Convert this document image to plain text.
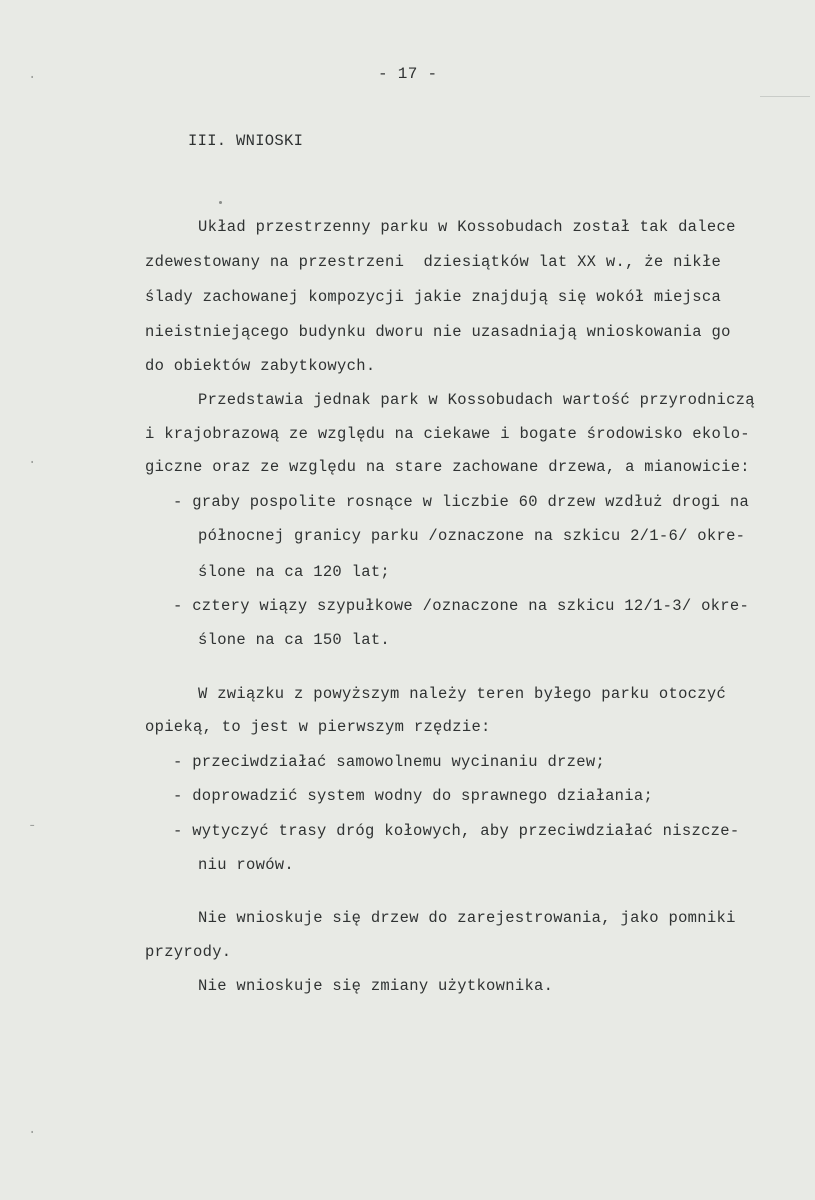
·
·
-
·
- 17 -
III. WNIOSKI
Układ przestrzenny parku w Kossobudach został tak dalece
zdewestowany na przestrzeni  dziesiątków lat XX w., że nikłe
ślady zachowanej kompozycji jakie znajdują się wokół miejsca
nieistniejącego budynku dworu nie uzasadniają wnioskowania go
do obiektów zabytkowych.
Przedstawia jednak park w Kossobudach wartość przyrodniczą
i krajobrazową ze względu na ciekawe i bogate środowisko ekolo-
giczne oraz ze względu na stare zachowane drzewa, a mianowicie:
- graby pospolite rosnące w liczbie 60 drzew wzdłuż drogi na
północnej granicy parku /oznaczone na szkicu 2/1-6/ okre-
ślone na ca 120 lat;
- cztery wiązy szypułkowe /oznaczone na szkicu 12/1-3/ okre-
ślone na ca 150 lat.
W związku z powyższym należy teren byłego parku otoczyć
opieką, to jest w pierwszym rzędzie:
- przeciwdziałać samowolnemu wycinaniu drzew;
- doprowadzić system wodny do sprawnego działania;
- wytyczyć trasy dróg kołowych, aby przeciwdziałać niszcze-
niu rowów.
Nie wnioskuje się drzew do zarejestrowania, jako pomniki
przyrody.
Nie wnioskuje się zmiany użytkownika.
